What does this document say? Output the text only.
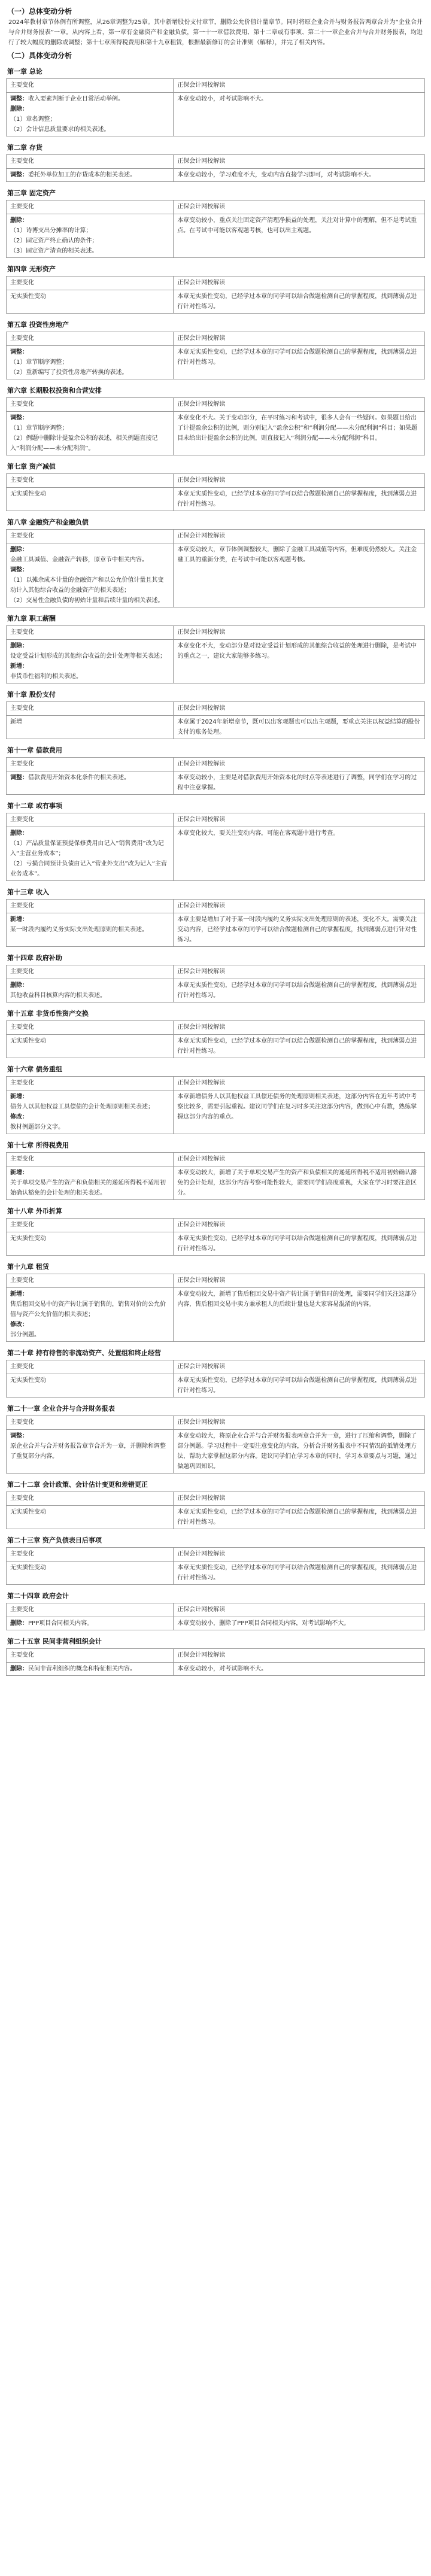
（一）总体变动分析
2024年教材章节体例有所调整，从26章调整为25章。其中新增股份支付章节，删除公允价值计量章节。同时将原企业合并与财务报告两章合并为“企业合并与合并财务报表”一章。从内容上看，第一章有金融资产和金融负债，第一十一章借款费用、第十二章或有事项、第二十一章企业合并与合并财务报表，均进行了较大幅度的删除或调整；第十七章所得税费用和第十九章租赁，根据最新修订的会计准则（解释），并完了相关内容。
（二）具体变动分析
第一章 总论
主要变化	正保会计网校解读

调整：收入要素判断于企业日常活动举例。
删除：
（1）章名调整；
（2）会计信息质量要求的相关表述。	本章变动较小，对考试影响不大。
第二章 存货
主要变化	正保会计网校解读

调整：委托外单位加工的存货成本的相关表述。	本章变动较小，学习难度不大，变动内容直接学习即可，对考试影响不大。
第三章 固定资产
主要变化	正保会计网校解读

删除：
（1）诗博支出分摊率的计算；
（2）固定资产终止确认的条件；
（3）固定资产清查的相关表述。	本章变动较小，重点关注固定资产清理净损益的处理，关注对计算中的理解，但不是考试重点。在考试中可能以客观题考核，也可以出主观题。
第四章 无形资产
主要变化	正保会计网校解读

无实质性变动	本章无实质性变动，已经学过本章的同学可以结合做题检测自己的掌握程度，找到薄弱点进行针对性练习。
第五章 投资性房地产
主要变化	正保会计网校解读

调整：
（1）章节顺序调整；
（2）重新编写了投资性房地产转换的表述。	本章无实质性变动，已经学过本章的同学可以结合做题检测自己的掌握程度，找到薄弱点进行针对性练习。
第六章 长期股权投资和合营安排
主要变化	正保会计网校解读

调整：
（1）章节顺序调整；
（2）例题中删除计提盈余公积的表述，相关例题直接记入“利润分配——未分配利润”。	本章变化不大。关于变动部分，在平时练习和考试中，很多人会有一些疑问。如果题目给出了计提盈余公积的比例，则分别记入“盈余公积”和“利润分配——未分配利润”科目；如果题目未给出计提盈余公积的比例，则直接记入“利润分配——未分配利润”科目。
第七章 资产减值
主要变化	正保会计网校解读

无实质性变动	本章无实质性变动，已经学过本章的同学可以结合做题检测自己的掌握程度，找到薄弱点进行针对性练习。
第八章 金融资产和金融负债
主要变化	正保会计网校解读

删除：
金融工具减值、金融资产转移，原章节中相关内容。
调整：
（1）以摊余成本计量的金融资产和以公允价值计量且其变动计入其他综合收益的金融资产的相关表述；
（2）交易性金融负债的初始计量和后续计量的相关表述。	本章变动较大，章节体例调整较大，删除了金融工具减值等内容，但难度仍然较大。关注金融工具的重新分类，在考试中可能以客观题考核。
第九章 职工薪酬
主要变化	正保会计网校解读

删除：
设定受益计划形成的其他综合收益的会计处理等相关表述；
新增：
非货币性福利的相关表述。	本章变化不大，变动部分是对设定受益计划形成的其他综合收益的处理进行删除，是考试中的重点之一，建议大家能够多练习。
第十章 股份支付
主要变化	正保会计网校解读

新增	本章属于2024年新增章节，既可以出客观题也可以出主观题，要重点关注以权益结算的股份支付的账务处理。
第十一章 借款费用
主要变化	正保会计网校解读

调整：借款费用开始资本化条件的相关表述。	本章变动较小，主要是对借款费用开始资本化的时点等表述进行了调整，同学们在学习的过程中注意掌握。
第十二章 或有事项
主要变化	正保会计网校解读

删除：
（1）产品质量保证预提保修费用由记入“销售费用”改为记入“主营业务成本”；
（2）亏损合同预计负债由记入“营业外支出”改为记入“主营业务成本”。	本章变化较大，要关注变动内容，可能在客观题中进行考查。
第十三章 收入
主要变化	正保会计网校解读

新增：
某一时段内履约义务实际支出处理原则的相关表述。	本章主要是增加了对于某一时段内履约义务实际支出处理原则的表述，变化不大。需要关注变动内容，已经学过本章的同学可以结合做题检测自己的掌握程度，找到薄弱点进行针对性练习。
第十四章 政府补助
主要变化	正保会计网校解读

删除：
其他收益科目核算内容的相关表述。	本章无实质性变动，已经学过本章的同学可以结合做题检测自己的掌握程度，找到薄弱点进行针对性练习。
第十五章 非货币性资产交换
主要变化	正保会计网校解读

无实质性变动	本章无实质性变动，已经学过本章的同学可以结合做题检测自己的掌握程度，找到薄弱点进行针对性练习。
第十六章 债务重组
主要变化	正保会计网校解读

新增：
债务人以其他权益工具偿债的会计处理原则相关表述；
修改：
教材例题部分文字。	本章新增债务人以其他权益工具偿还债务的处理原则相关表述，这部分内容在近年考试中考察比较多，需要引起重视。建议同学们在复习时多关注这部分内容，做到心中有数，熟练掌握这部分内容的重点。
第十七章 所得税费用
主要变化	正保会计网校解读

新增：
关于单项交易产生的资产和负债相关的递延所得税不适用初始确认豁免的会计处理的相关表述。	本章变动较大，新增了关于单项交易产生的资产和负债相关的递延所得税不适用初始确认豁免的会计处理，这部分内容考察可能性较大，需要同学们高度重视，大家在学习时要注意区分。
第十八章 外币折算
主要变化	正保会计网校解读

无实质性变动	本章无实质性变动，已经学过本章的同学可以结合做题检测自己的掌握程度，找到薄弱点进行针对性练习。
第十九章 租赁
主要变化	正保会计网校解读

新增：
售后租回交易中的资产转让属于销售的，销售对价的公允价值与资产公允价值的相关表述；
修改：
部分例题。	本章变动较大，新增了售后租回交易中资产转让属于销售时的处理，需要同学们关注这部分内容，售后租回交易中卖方兼承租人的后续计量也是大家容易混淆的内容。
第二十章 持有待售的非流动资产、处置组和终止经营
主要变化	正保会计网校解读

无实质性变动	本章无实质性变动，已经学过本章的同学可以结合做题检测自己的掌握程度，找到薄弱点进行针对性练习。
第二十一章 企业合并与合并财务报表
主要变化	正保会计网校解读

调整：
原企业合并与合并财务报告章节合并为一章，并删除和调整了重复部分内容。	本章变动较大，将原企业合并与合并财务报表两章合并为一章，进行了压缩和调整，删除了部分例题。学习过程中一定要注意变化的内容，分析合并财务报表中不同情况的抵销处理方法，帮助大家掌握这部分内容。建议同学们在学习本章的同时，学习本章要点与习题，通过做题巩固知识。
第二十二章 会计政策、会计估计变更和差错更正
主要变化	正保会计网校解读

无实质性变动	本章无实质性变动，已经学过本章的同学可以结合做题检测自己的掌握程度，找到薄弱点进行针对性练习。
第二十三章 资产负债表日后事项
主要变化	正保会计网校解读

无实质性变动	本章无实质性变动，已经学过本章的同学可以结合做题检测自己的掌握程度，找到薄弱点进行针对性练习。
第二十四章 政府会计
主要变化	正保会计网校解读

删除：PPP项目合同相关内容。	本章变动较小，删除了PPP项目合同相关内容，对考试影响不大。
第二十五章 民间非营利组织会计
主要变化	正保会计网校解读

删除：民间非营利组织的概念和特征相关内容。	本章变动较小，对考试影响不大。
